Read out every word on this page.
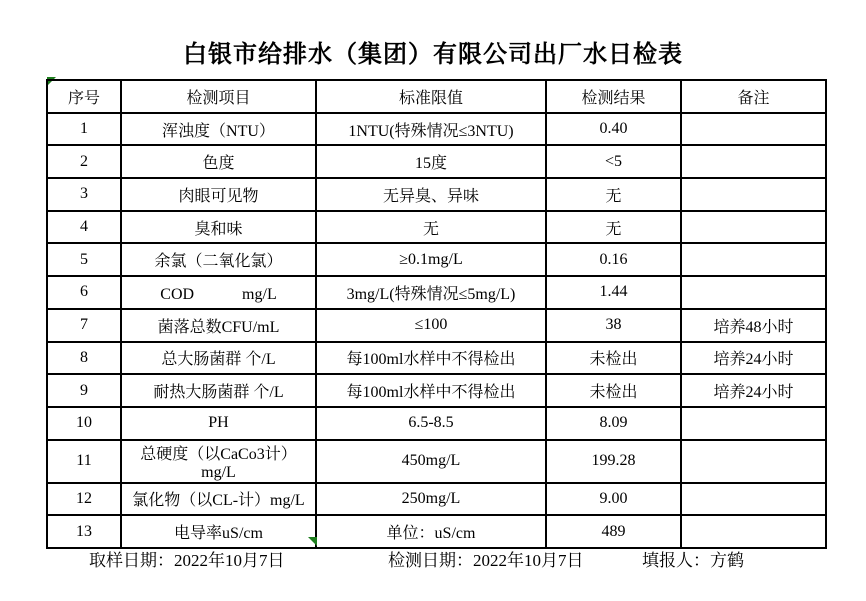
白银市给排水（集团）有限公司出厂水日检表
序号	检测项目	标准限值	检测结果	备注
1	浑浊度（NTU）	1NTU(特殊情况≤3NTU)	0.40	
2	色度	15度	<5	
3	肉眼可见物	无异臭、异味	无	
4	臭和味	无	无	
5	余氯（二氧化氯）	≥0.1mg/L	0.16	
6	COD　　　mg/L	3mg/L(特殊情况≤5mg/L)	1.44	
7	菌落总数CFU/mL	≤100	38	培养48小时
8	总大肠菌群 个/L	每100ml水样中不得检出	未检出	培养24小时
9	耐热大肠菌群 个/L	每100ml水样中不得检出	未检出	培养24小时
10	PH	6.5-8.5	8.09	
11	总硬度（以CaCo3计）mg/L	450mg/L	199.28	
12	氯化物（以CL-计）mg/L	250mg/L	9.00	
13	电导率uS/cm	单位：uS/cm	489	
取样日期：2022年10月7日	检测日期：2022年10月7日	填报人：方鹤
